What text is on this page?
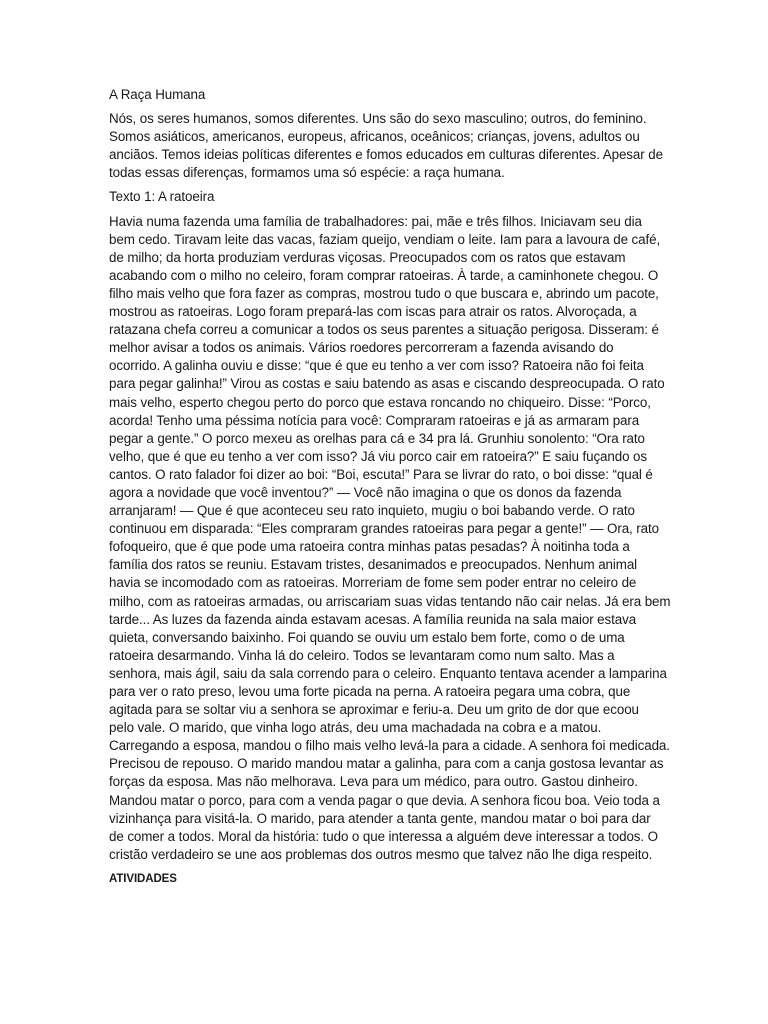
A Raça Humana
Nós, os seres humanos, somos diferentes. Uns são do sexo masculino; outros, do feminino.
Somos asiáticos, americanos, europeus, africanos, oceânicos; crianças, jovens, adultos ou
anciãos. Temos ideias políticas diferentes e fomos educados em culturas diferentes. Apesar de
todas essas diferenças, formamos uma só espécie: a raça humana.
Texto 1: A ratoeira
Havia numa fazenda uma família de trabalhadores: pai, mãe e três filhos. Iniciavam seu dia
bem cedo. Tiravam leite das vacas, faziam queijo, vendiam o leite. Iam para a lavoura de café,
de milho; da horta produziam verduras viçosas. Preocupados com os ratos que estavam
acabando com o milho no celeiro, foram comprar ratoeiras. À tarde, a caminhonete chegou. O
filho mais velho que fora fazer as compras, mostrou tudo o que buscara e, abrindo um pacote,
mostrou as ratoeiras. Logo foram prepará-las com iscas para atrair os ratos. Alvoroçada, a
ratazana chefa correu a comunicar a todos os seus parentes a situação perigosa. Disseram: é
melhor avisar a todos os animais. Vários roedores percorreram a fazenda avisando do
ocorrido. A galinha ouviu e disse: “que é que eu tenho a ver com isso? Ratoeira não foi feita
para pegar galinha!” Virou as costas e saiu batendo as asas e ciscando despreocupada. O rato
mais velho, esperto chegou perto do porco que estava roncando no chiqueiro. Disse: “Porco,
acorda! Tenho uma péssima notícia para você: Compraram ratoeiras e já as armaram para
pegar a gente.” O porco mexeu as orelhas para cá e 34 pra lá. Grunhiu sonolento: “Ora rato
velho, que é que eu tenho a ver com isso? Já viu porco cair em ratoeira?” E saiu fuçando os
cantos. O rato falador foi dizer ao boi: “Boi, escuta!” Para se livrar do rato, o boi disse: “qual é
agora a novidade que você inventou?” — Você não imagina o que os donos da fazenda
arranjaram! — Que é que aconteceu seu rato inquieto, mugiu o boi babando verde. O rato
continuou em disparada: “Eles compraram grandes ratoeiras para pegar a gente!” — Ora, rato
fofoqueiro, que é que pode uma ratoeira contra minhas patas pesadas? À noitinha toda a
família dos ratos se reuniu. Estavam tristes, desanimados e preocupados. Nenhum animal
havia se incomodado com as ratoeiras. Morreriam de fome sem poder entrar no celeiro de
milho, com as ratoeiras armadas, ou arriscariam suas vidas tentando não cair nelas. Já era bem
tarde... As luzes da fazenda ainda estavam acesas. A família reunida na sala maior estava
quieta, conversando baixinho. Foi quando se ouviu um estalo bem forte, como o de uma
ratoeira desarmando. Vinha lá do celeiro. Todos se levantaram como num salto. Mas a
senhora, mais ágil, saiu da sala correndo para o celeiro. Enquanto tentava acender a lamparina
para ver o rato preso, levou uma forte picada na perna. A ratoeira pegara uma cobra, que
agitada para se soltar viu a senhora se aproximar e feriu-a. Deu um grito de dor que ecoou
pelo vale. O marido, que vinha logo atrás, deu uma machadada na cobra e a matou.
Carregando a esposa, mandou o filho mais velho levá-la para a cidade. A senhora foi medicada.
Precisou de repouso. O marido mandou matar a galinha, para com a canja gostosa levantar as
forças da esposa. Mas não melhorava. Leva para um médico, para outro. Gastou dinheiro.
Mandou matar o porco, para com a venda pagar o que devia. A senhora ficou boa. Veio toda a
vizinhança para visitá-la. O marido, para atender a tanta gente, mandou matar o boi para dar
de comer a todos. Moral da história: tudo o que interessa a alguém deve interessar a todos. O
cristão verdadeiro se une aos problemas dos outros mesmo que talvez não lhe diga respeito.
ATIVIDADES
